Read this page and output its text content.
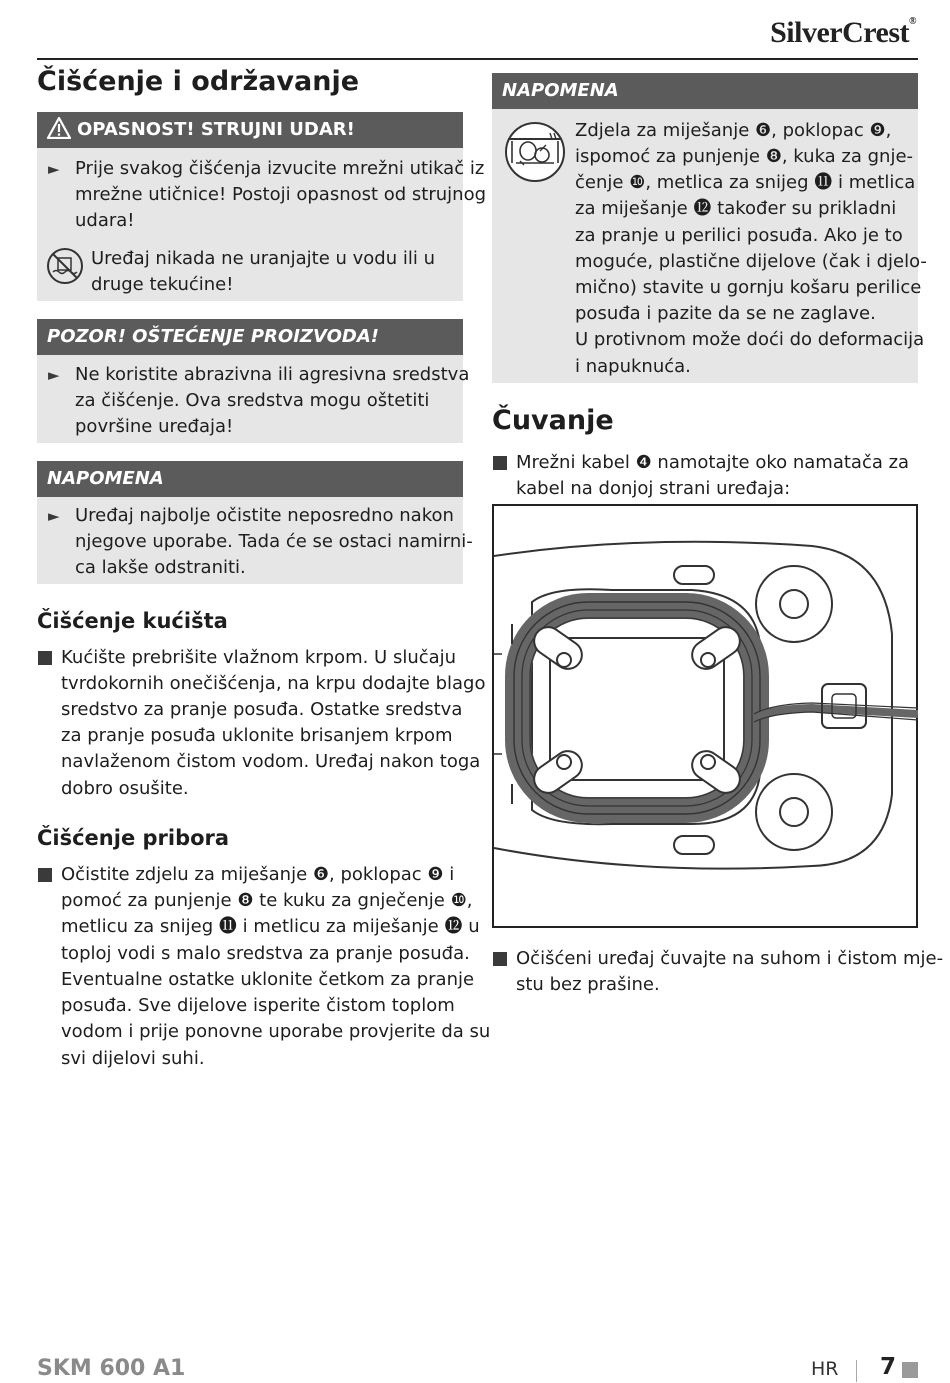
SilverCrest®
Čišćenje i održavanje
OPASNOST! STRUJNI UDAR!
► Prije svakog čišćenja izvucite mrežni utikač iz
mrežne utičnice! Postoji opasnost od strujnog
udara!
Uređaj nikada ne uranjajte u vodu ili u
druge tekućine!
POZOR! OŠTEĆENJE PROIZVODA!
► Ne koristite abrazivna ili agresivna sredstva
za čišćenje. Ova sredstva mogu oštetiti
površine uređaja!
NAPOMENA
► Uređaj najbolje očistite neposredno nakon
njegove uporabe. Tada će se ostaci namirni-
ca lakše odstraniti.
Čišćenje kućišta
Kućište prebrišite vlažnom krpom. U slučaju
tvrdokornih onečišćenja, na krpu dodajte blago
sredstvo za pranje posuđa. Ostatke sredstva
za pranje posuđa uklonite brisanjem krpom
navlaženom čistom vodom. Uređaj nakon toga
dobro osušite.
Čišćenje pribora
Očistite zdjelu za miješanje ❻, poklopac ❾ i
pomoć za punjenje ❽ te kuku za gnječenje ❿,
metlicu za snijeg ⓫ i metlicu za miješanje ⓬ u
toploj vodi s malo sredstva za pranje posuđa.
Eventualne ostatke uklonite četkom za pranje
posuđa. Sve dijelove isperite čistom toplom
vodom i prije ponovne uporabe provjerite da su
svi dijelovi suhi.
NAPOMENA
Zdjela za miješanje ❻, poklopac ❾,
ispomoć za punjenje ❽, kuka za gnje-
čenje ❿, metlica za snijeg ⓫ i metlica
za miješanje ⓬ također su prikladni
za pranje u perilici posuđa. Ako je to
moguće, plastične dijelove (čak i djelo-
mično) stavite u gornju košaru perilice
posuđa i pazite da se ne zaglave.
U protivnom može doći do deformacija
i napuknuća.
Čuvanje
Mrežni kabel ❹ namotajte oko namatača za
kabel na donjoj strani uređaja:
Očišćeni uređaj čuvajte na suhom i čistom mje-
stu bez prašine.
SKM 600 A1	HR 7
